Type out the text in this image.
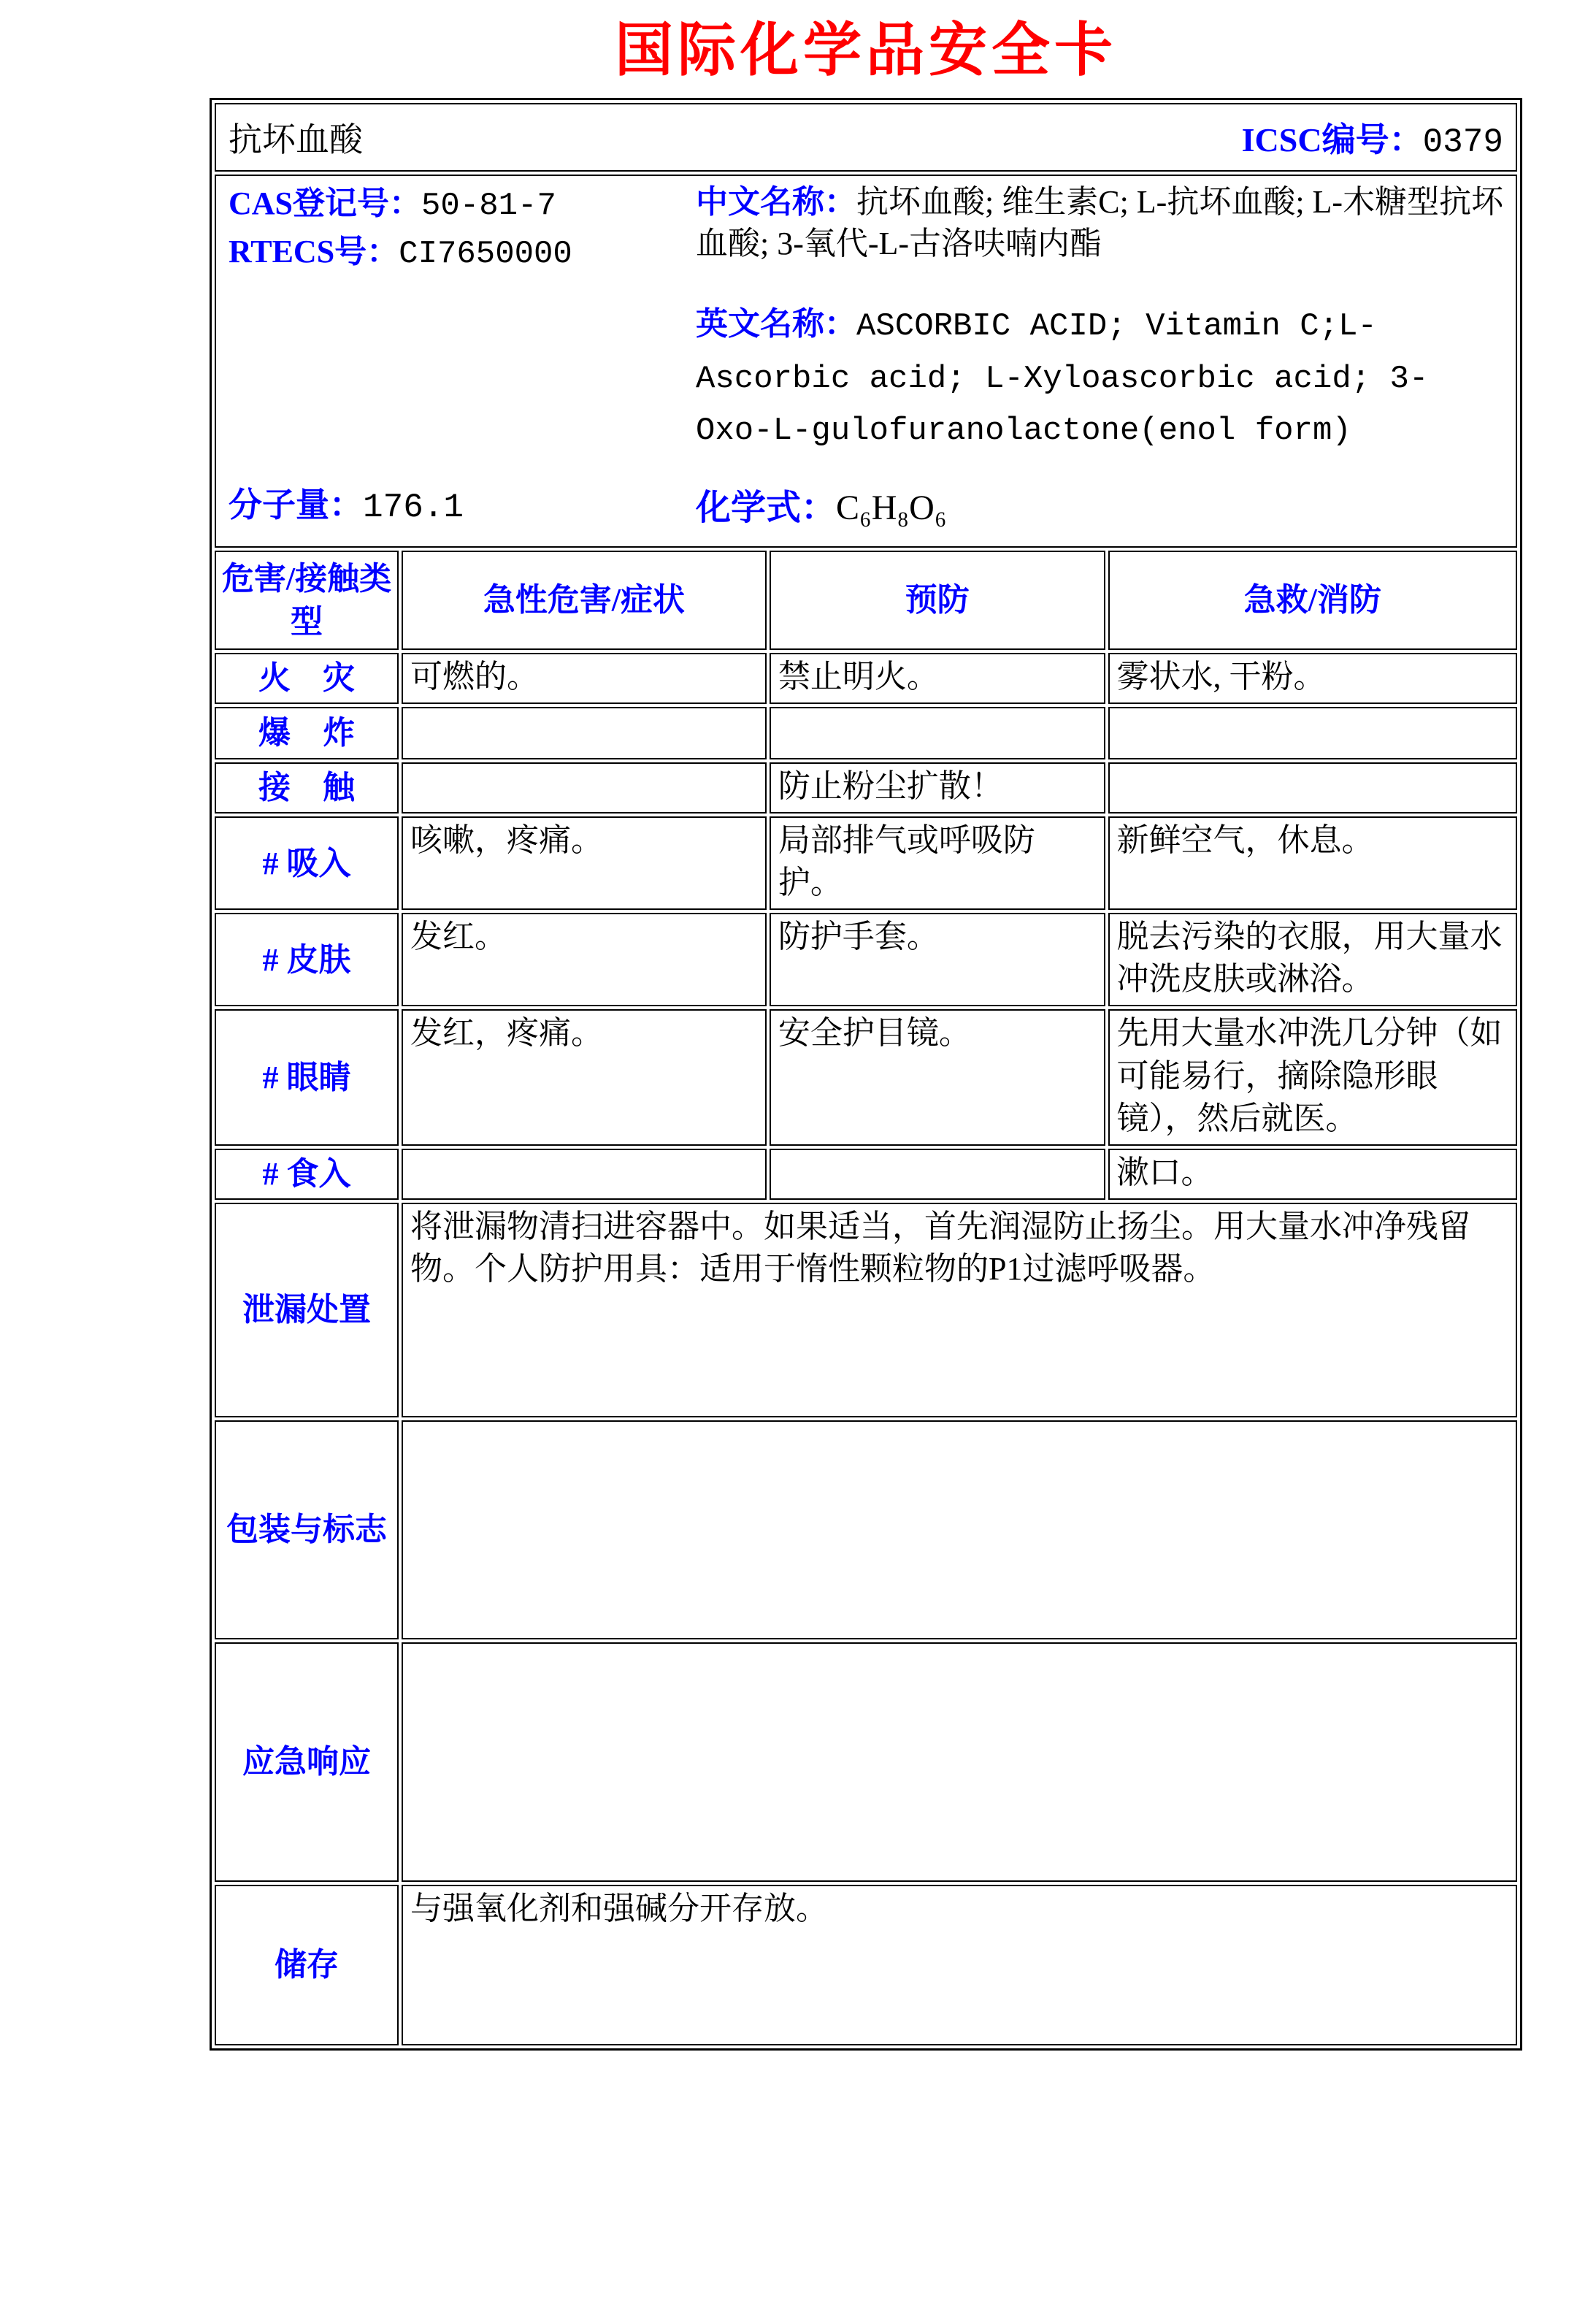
国际化学品安全卡
抗坏血酸 ICSC编号：0379			

CAS登记号：50-81-7
RTECS号：CI7650000
分子量：176.1
中文名称：抗坏血酸; 维生素C; L-抗坏血酸; L-木糖型抗坏血酸; 3-氧代-L-古洛呋喃内酯
英文名称：ASCORBIC ACID; Vitamin C;L-Ascorbic acid; L-Xyloascorbic acid; 3-Oxo-L-gulofuranolactone(enol form)
化学式：C₆H₈O₆

危害/接触类型	急性危害/症状	预防	急救/消防
火　灾	可燃的。	禁止明火。	雾状水, 干粉。
爆　炸			
接　触		防止粉尘扩散！	
# 吸入	咳嗽，疼痛。	局部排气或呼吸防护。	新鲜空气，休息。
# 皮肤	发红。	防护手套。	脱去污染的衣服，用大量水冲洗皮肤或淋浴。
# 眼睛	发红，疼痛。	安全护目镜。	先用大量水冲洗几分钟（如可能易行，摘除隐形眼镜），然后就医。
# 食入			漱口。
泄漏处置	将泄漏物清扫进容器中。如果适当，首先润湿防止扬尘。用大量水冲净残留物。个人防护用具：适用于惰性颗粒物的P1过滤呼吸器。		
包装与标志			
应急响应			
储存	与强氧化剂和强碱分开存放。		
